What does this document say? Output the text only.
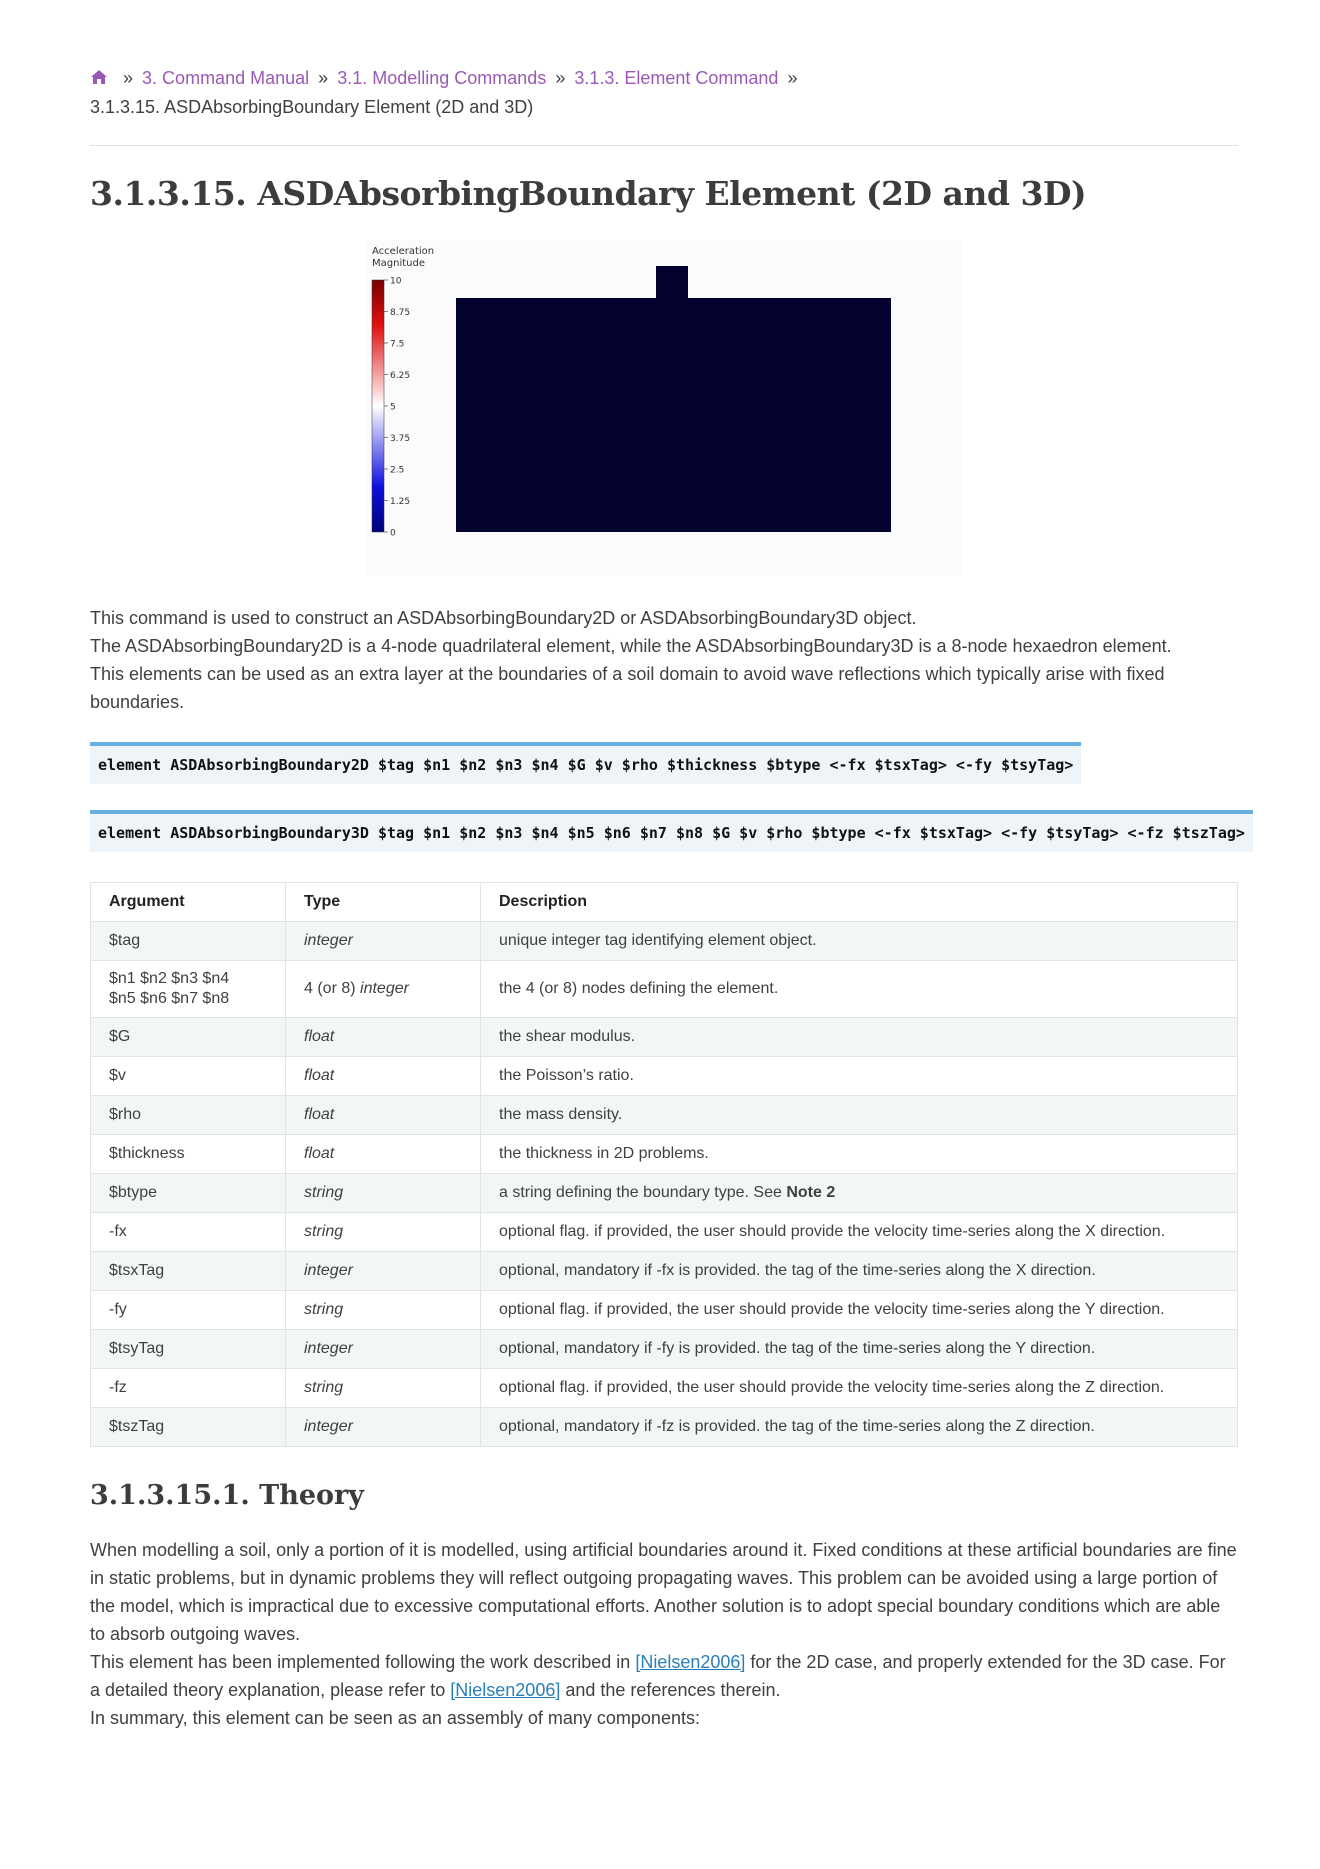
» 3. Command Manual » 3.1. Modelling Commands » 3.1.3. Element Command »
3.1.3.15. ASDAbsorbingBoundary Element (2D and 3D)
3.1.3.15. ASDAbsorbingBoundary Element (2D and 3D)
Acceleration
Magnitude
10
8.75
7.5
6.25
5
3.75
2.5
1.25
0

This command is used to construct an ASDAbsorbingBoundary2D or ASDAbsorbingBoundary3D object.

The ASDAbsorbingBoundary2D is a 4-node quadrilateral element, while the ASDAbsorbingBoundary3D is a 8-node hexaedron element.

This elements can be used as an extra layer at the boundaries of a soil domain to avoid wave reflections which typically arise with fixed boundaries.

element ASDAbsorbingBoundary2D $tag $n1 $n2 $n3 $n4 $G $v $rho $thickness $btype <-fx $tsxTag> <-fy $tsyTag>
element ASDAbsorbingBoundary3D $tag $n1 $n2 $n3 $n4 $n5 $n6 $n7 $n8 $G $v $rho $btype <-fx $tsxTag> <-fy $tsyTag> <-fz $tszTag>
Argument	Type	Description
$tag	integer	unique integer tag identifying element object.
$n1 $n2 $n3 $n4
$n5 $n6 $n7 $n8	4 (or 8) integer	the 4 (or 8) nodes defining the element.
$G	float	the shear modulus.
$v	float	the Poisson’s ratio.
$rho	float	the mass density.
$thickness	float	the thickness in 2D problems.
$btype	string	a string defining the boundary type. See Note 2
-fx	string	optional flag. if provided, the user should provide the velocity time-series along the X direction.
$tsxTag	integer	optional, mandatory if -fx is provided. the tag of the time-series along the X direction.
-fy	string	optional flag. if provided, the user should provide the velocity time-series along the Y direction.
$tsyTag	integer	optional, mandatory if -fy is provided. the tag of the time-series along the Y direction.
-fz	string	optional flag. if provided, the user should provide the velocity time-series along the Z direction.
$tszTag	integer	optional, mandatory if -fz is provided. the tag of the time-series along the Z direction.
3.1.3.15.1. Theory

When modelling a soil, only a portion of it is modelled, using artificial boundaries around it. Fixed conditions at these artificial boundaries are fine in static problems, but in dynamic problems they will reflect outgoing propagating waves. This problem can be avoided using a large portion of the model, which is impractical due to excessive computational efforts. Another solution is to adopt special boundary conditions which are able to absorb outgoing waves.

This element has been implemented following the work described in [Nielsen2006] for the 2D case, and properly extended for the 3D case. For a detailed theory explanation, please refer to [Nielsen2006] and the references therein.

In summary, this element can be seen as an assembly of many components:
